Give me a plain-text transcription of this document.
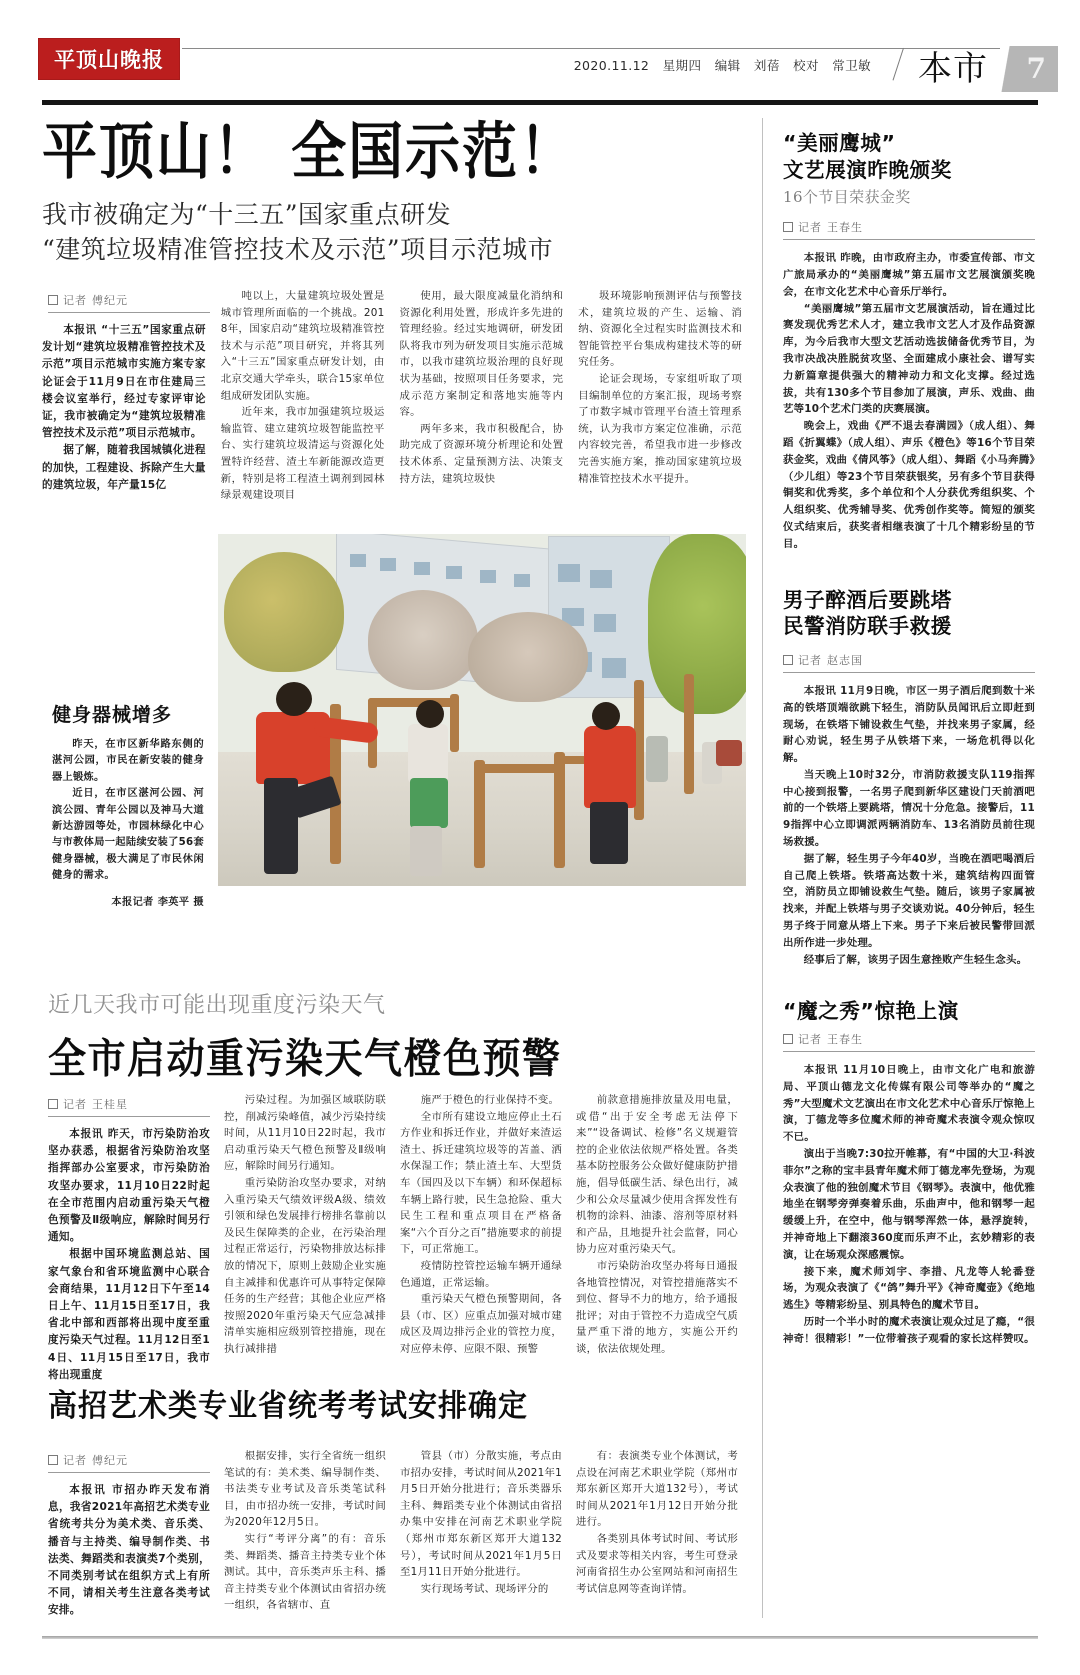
平顶山晚报	2020.11.12 星期四 编辑 刘蓓 校对 常卫敏 本市 7
平顶山！ 全国示范！
我市被确定为“十三五”国家重点研发
“建筑垃圾精准管控技术及示范”项目示范城市
记者 傅纪元

本报讯 “十三五”国家重点研发计划“建筑垃圾精准管控技术及示范”项目示范城市实施方案专家论证会于11月9日在市住建局三楼会议室举行，经过专家评审论证，我市被确定为“建筑垃圾精准管控技术及示范”项目示范城市。

据了解，随着我国城镇化进程的加快，工程建设、拆除产生大量的建筑垃圾，年产量15亿

吨以上，大量建筑垃圾处置是城市管理所面临的一个挑战。2018年，国家启动“建筑垃圾精准管控技术与示范”项目研究，并将其列入“十三五”国家重点研发计划，由北京交通大学牵头，联合15家单位组成研发团队实施。

近年来，我市加强建筑垃圾运输监管、建立建筑垃圾智能监控平台、实行建筑垃圾清运与资源化处置特许经营、渣土车新能源改造更新，特别是将工程渣土调剂到园林绿景观建设项目

使用，最大限度减量化消纳和资源化利用处置，形成许多先进的管理经验。经过实地调研，研发团队将我市列为研发项目实施示范城市，以我市建筑垃圾治理的良好现状为基础，按照项目任务要求，完成示范方案制定和落地实施等内容。

两年多来，我市积极配合，协助完成了资源环境分析理论和处置技术体系、定量预测方法、决策支持方法，建筑垃圾快

圾环境影响预测评估与预警技术，建筑垃圾的产生、运输、消纳、资源化全过程实时监测技术和智能管控平台集成构建技术等的研究任务。

论证会现场，专家组听取了项目编制单位的方案汇报，现场考察了市数字城市管理平台渣土管理系统，认为我市方案定位准确，示范内容较完善，希望我市进一步修改完善实施方案，推动国家建筑垃圾精准管控技术水平提升。

健身器械增多

昨天，在市区新华路东侧的湛河公园，市民在新安装的健身器上锻炼。

近日，在市区湛河公园、河滨公园、青年公园以及神马大道新达游园等处，市园林绿化中心与市教体局一起陆续安装了56套健身器械，极大满足了市民休闲健身的需求。

本报记者 李英平 摄
近几天我市可能出现重度污染天气
全市启动重污染天气橙色预警
记者 王桂星

本报讯 昨天，市污染防治攻坚办获悉，根据省污染防治攻坚指挥部办公室要求，市污染防治攻坚办要求，11月10日22时起在全市范围内启动重污染天气橙色预警及Ⅱ级响应，解除时间另行通知。

根据中国环境监测总站、国家气象台和省环境监测中心联合会商结果，11月12日下午至14日上午、11月15日至17日，我省北中部和西部将出现中度至重度污染天气过程。11月12日至14日、11月15日至17日，我市将出现重度

污染过程。为加强区域联防联控，削减污染峰值，减少污染持续时间，从11月10日22时起，我市启动重污染天气橙色预警及Ⅱ级响应，解除时间另行通知。

重污染防治攻坚办要求，对纳入重污染天气绩效评级A级、绩效引领和绿色发展排行榜排名靠前以及民生保障类的企业，在污染治理过程正常运行，污染物排放达标排放的情况下，原则上鼓励企业实施自主减排和优惠许可从事特定保障任务的生产经营；其他企业应严格按照2020年重污染天气应急减排清单实施相应级别管控措施，现在执行减排措

施严于橙色的行业保持不变。

全市所有建设立地应停止土石方作业和拆迁作业，并做好来渣运渣土、拆迁建筑垃圾等的苫盖、洒水保湿工作；禁止渣土车、大型货车（国四及以下车辆）和环保超标车辆上路行驶，民生急抢险、重大民生工程和重点项目在严格备案“六个百分之百”措施要求的前提下，可正常施工。

疫情防控管控运输车辆开通绿色通道，正常运输。

重污染天气橙色预警期间，各县（市、区）应重点加强对城市建成区及周边排污企业的管控力度，对应停未停、应限不限、预警

前款意措施排放量及用电量，或借“出于安全考虑无法停下来”“设备调试、检修”名义规避管控的企业依法依规严格处置。各类基本防控服务公众做好健康防护措施，倡导低碳生活、绿色出行，减少和公众尽量减少使用含挥发性有机物的涂料、油漆、溶剂等原材料和产品，且地提升社会监督，同心协力应对重污染天气。

市污染防治攻坚办将每日通报各地管控情况，对管控措施落实不到位、督导不力的地方，给予通报批评；对由于管控不力造成空气质量严重下滑的地方，实施公开约谈，依法依规处理。

高招艺术类专业省统考考试安排确定
记者 傅纪元

本报讯 市招办昨天发布消息，我省2021年高招艺术类专业省统考共分为美术类、音乐类、播音与主持类、编导制作类、书法类、舞蹈类和表演类7个类别，不同类别考试在组织方式上有所不同，请相关考生注意各类考试安排。

根据安排，实行全省统一组织笔试的有：美术类、编导制作类、书法类专业考试及音乐类笔试科目，由市招办统一安排，考试时间为2020年12月5日。

实行“考评分离”的有：音乐类、舞蹈类、播音主持类专业个体测试。其中，音乐类声乐主科、播音主持类专业个体测试由省招办统一组织，各省辖市、直

管县（市）分散实施，考点由市招办安排，考试时间从2021年1月5日开始分批进行；音乐类器乐主科、舞蹈类专业个体测试由省招办集中安排在河南艺术职业学院（郑州市郑东新区郑开大道132号），考试时间从2021年1月5日至1月11日开始分批进行。

实行现场考试、现场评分的

有：表演类专业个体测试，考点设在河南艺术职业学院（郑州市郑东新区郑开大道132号），考试时间从2021年1月12日开始分批进行。

各类别具体考试时间、考试形式及要求等相关内容，考生可登录河南省招生办公室网站和河南招生考试信息网等查询详情。

“美丽鹰城”
文艺展演昨晚颁奖
16个节目荣获金奖
记者 王春生

本报讯 昨晚，由市政府主办，市委宣传部、市文广旅局承办的“美丽鹰城”第五届市文艺展演颁奖晚会，在市文化艺术中心音乐厅举行。

“美丽鹰城”第五届市文艺展演活动，旨在通过比赛发现优秀艺术人才，建立我市文艺人才及作品资源库，为今后我市大型文艺活动选拔储备优秀节目，为我市决战决胜脱贫攻坚、全面建成小康社会、谱写实力新篇章提供强大的精神动力和文化支撑。经过选拔，共有130多个节目参加了展演，声乐、戏曲、曲艺等10个艺术门类的庆赛展演。

晚会上，戏曲《严不退去春满园》（成人组）、舞蹈《折翼蝶》（成人组）、声乐《橙色》等16个节目荣获金奖，戏曲《倩风筝》（成人组）、舞蹈《小马奔腾》（少儿组）等23个节目荣获银奖，另有多个节目获得铜奖和优秀奖，多个单位和个人分获优秀组织奖、个人组织奖、优秀辅导奖、优秀创作奖等。简短的颁奖仪式结束后，获奖者相继表演了十几个精彩纷呈的节目。

男子醉酒后要跳塔
民警消防联手救援
记者 赵志国

本报讯 11月9日晚，市区一男子酒后爬到数十米高的铁塔顶端欲跳下轻生，消防队员闻讯后立即赶到现场，在铁塔下铺设救生气垫，并找来男子家属，经耐心劝说，轻生男子从铁塔下来，一场危机得以化解。

当天晚上10时32分，市消防救援支队119指挥中心接到报警，一名男子爬到新华区建设门天前酒吧前的一个铁塔上要跳塔，情况十分危急。接警后，119指挥中心立即调派两辆消防车、13名消防员前往现场救援。

据了解，轻生男子今年40岁，当晚在酒吧喝酒后自己爬上铁塔。铁塔高达数十米，建筑结构四面管空，消防员立即铺设救生气垫。随后，该男子家属被找来，并配上铁塔与男子交谈劝说。40分钟后，轻生男子终于同意从塔上下来。男子下来后被民警带回派出所作进一步处理。

经事后了解，该男子因生意挫败产生轻生念头。

“魔之秀”惊艳上演
记者 王春生

本报讯 11月10日晚上，由市文化广电和旅游局、平顶山德龙文化传媒有限公司等举办的“魔之秀”大型魔术文艺演出在市文化艺术中心音乐厅惊艳上演，丁德龙等多位魔术师的神奇魔术表演令观众惊叹不已。

演出于当晚7:30拉开帷幕，有“中国的大卫·科波菲尔”之称的宝丰县青年魔术师丁德龙率先登场，为观众表演了他的独创魔术节目《钢琴》。表演中，他优雅地坐在钢琴旁弹奏着乐曲，乐曲声中，他和钢琴一起缓缓上升，在空中，他与钢琴浑然一体，悬浮旋转，并神奇地上下翻滚360度而乐声不止，玄妙精彩的表演，让在场观众深感震惊。

接下来，魔术师刘宇、李措、凡龙等人轮番登场，为观众表演了《“鸽”舞升平》《神奇魔壶》《绝地逃生》等精彩纷呈、别具特色的魔术节目。

历时一个半小时的魔术表演让观众过足了瘾，“很神奇！很精彩！”一位带着孩子观看的家长这样赞叹。
